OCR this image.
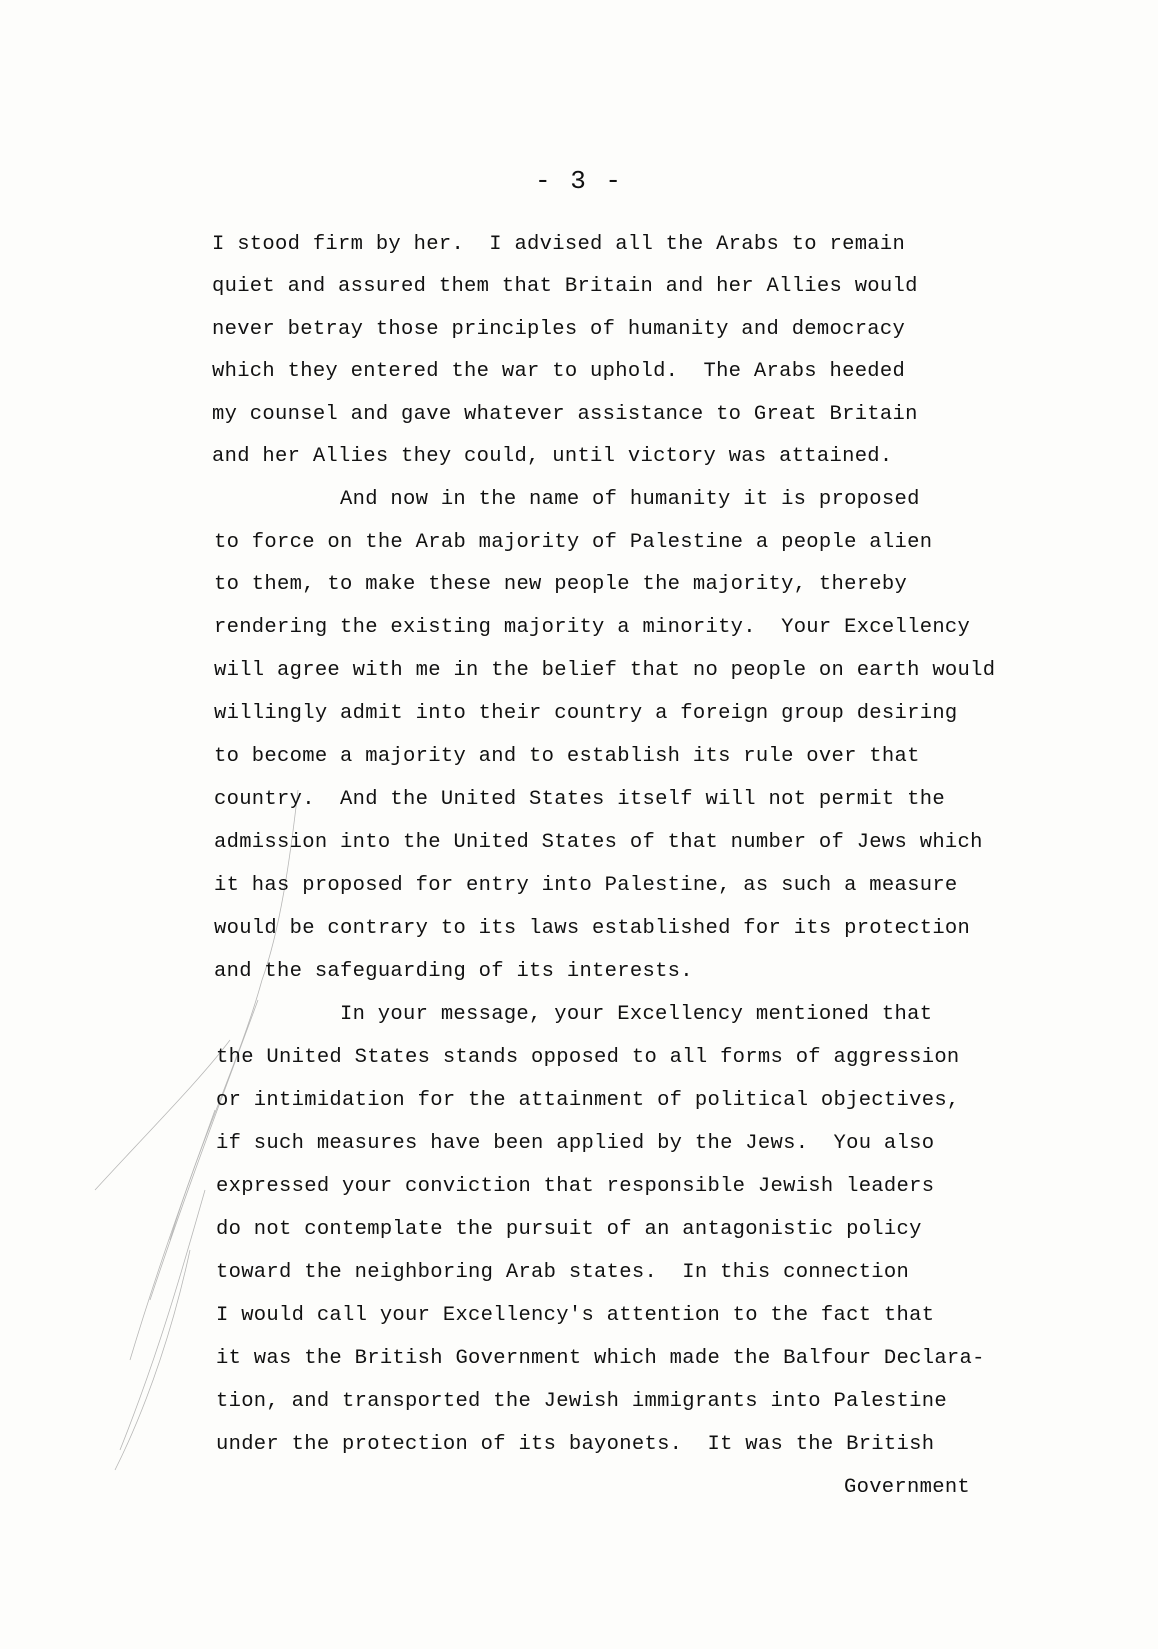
- 3 -
I stood firm by her.  I advised all the Arabs to remain
quiet and assured them that Britain and her Allies would
never betray those principles of humanity and democracy
which they entered the war to uphold.  The Arabs heeded
my counsel and gave whatever assistance to Great Britain
and her Allies they could, until victory was attained.
And now in the name of humanity it is proposed
to force on the Arab majority of Palestine a people alien
to them, to make these new people the majority, thereby
rendering the existing majority a minority.  Your Excellency
will agree with me in the belief that no people on earth would
willingly admit into their country a foreign group desiring
to become a majority and to establish its rule over that
country.  And the United States itself will not permit the
admission into the United States of that number of Jews which
it has proposed for entry into Palestine, as such a measure
would be contrary to its laws established for its protection
and the safeguarding of its interests.
In your message, your Excellency mentioned that
the United States stands opposed to all forms of aggression
or intimidation for the attainment of political objectives,
if such measures have been applied by the Jews.  You also
expressed your conviction that responsible Jewish leaders
do not contemplate the pursuit of an antagonistic policy
toward the neighboring Arab states.  In this connection
I would call your Excellency's attention to the fact that
it was the British Government which made the Balfour Declara-
tion, and transported the Jewish immigrants into Palestine
under the protection of its bayonets.  It was the British
Government
